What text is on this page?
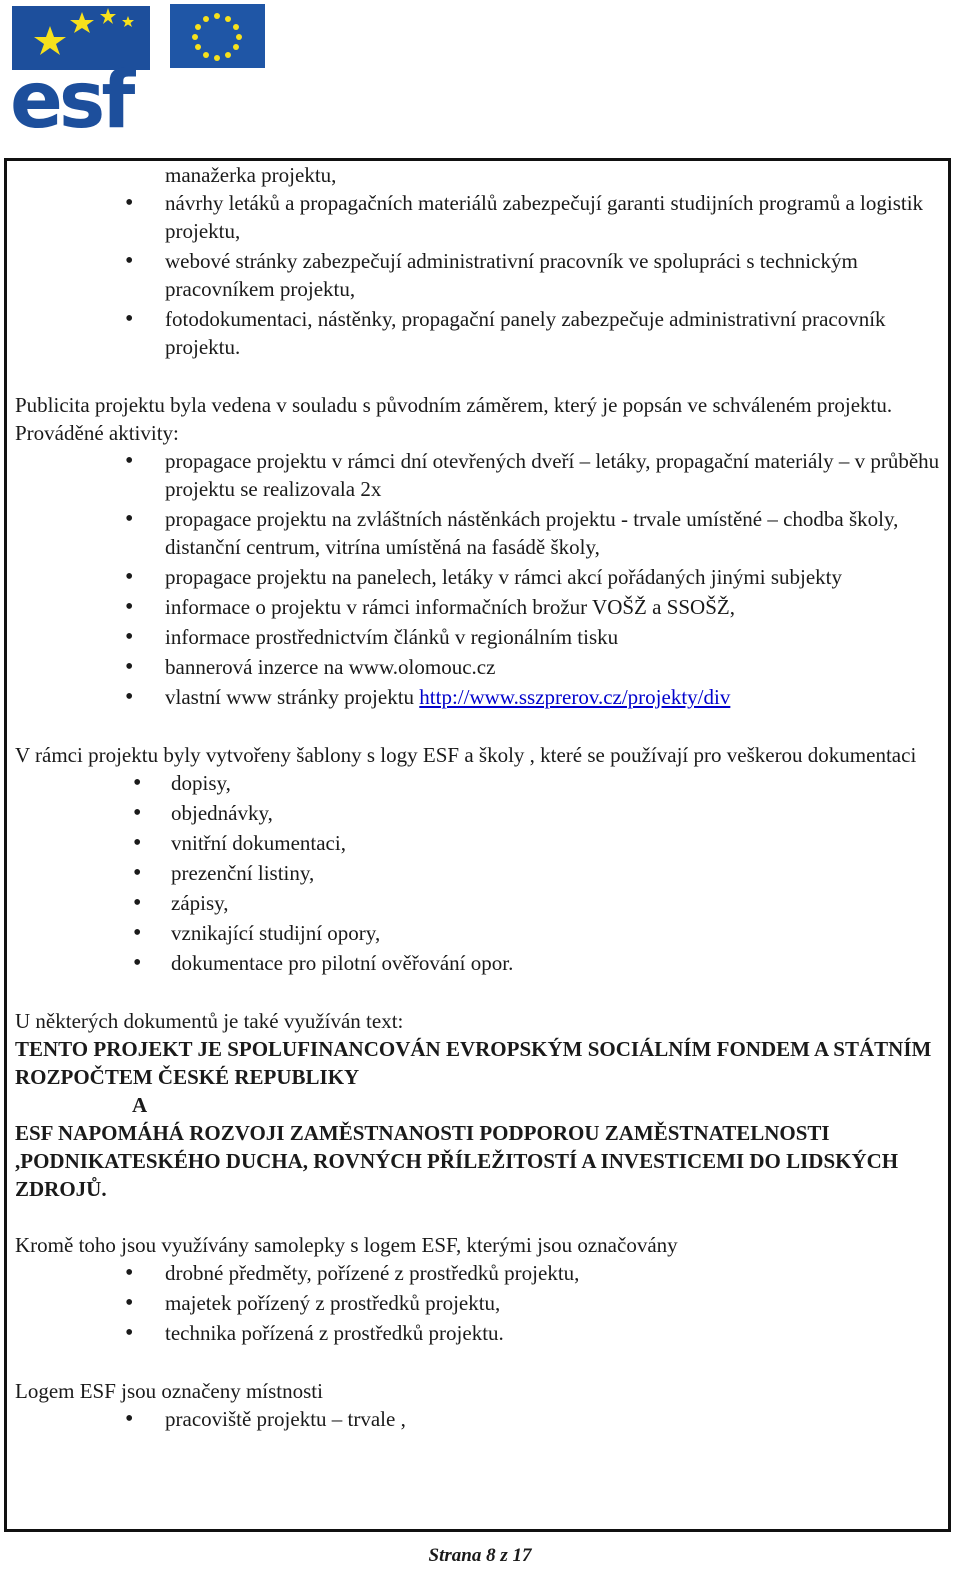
esf

manažerka projektu,

• návrhy letáků a propagačních materiálů zabezpečují garanti studijních programů a logistik projektu,
• webové stránky zabezpečují administrativní pracovník ve spolupráci s technickým pracovníkem projektu,
• fotodokumentaci, nástěnky, propagační panely zabezpečuje administrativní pracovník projektu.

Publicita projektu byla vedena v souladu s původním záměrem, který je popsán ve schváleném projektu.

Prováděné aktivity:

• propagace projektu v rámci dní otevřených dveří – letáky, propagační materiály – v průběhu projektu se realizovala 2x
• propagace projektu na zvláštních nástěnkách projektu - trvale umístěné – chodba školy, distanční centrum, vitrína umístěná na fasádě školy,
• propagace projektu na panelech, letáky v rámci akcí pořádaných jinými subjekty
• informace o projektu v rámci informačních brožur VOŠŽ a SSOŠŽ,
• informace prostřednictvím článků v regionálním tisku
• bannerová inzerce na www.olomouc.cz
• vlastní www stránky projektu http://www.sszprerov.cz/projekty/div

V rámci projektu byly vytvořeny šablony s logy ESF a školy , které se používají pro veškerou dokumentaci

• dopisy,
• objednávky,
• vnitřní dokumentaci,
• prezenční listiny,
• zápisy,
• vznikající studijní opory,
• dokumentace pro pilotní ověřování opor.

U některých dokumentů je také využíván text:

TENTO PROJEKT JE SPOLUFINANCOVÁN EVROPSKÝM SOCIÁLNÍM FONDEM A STÁTNÍM ROZPOČTEM ČESKÉ REPUBLIKY

A

ESF NAPOMÁHÁ ROZVOJI ZAMĚSTNANOSTI PODPOROU ZAMĚSTNATELNOSTI ,PODNIKATESKÉHO DUCHA, ROVNÝCH PŘÍLEŽITOSTÍ A INVESTICEMI DO LIDSKÝCH ZDROJŮ.

Kromě toho jsou využívány samolepky s logem ESF, kterými jsou označovány

• drobné předměty, pořízené z prostředků projektu,
• majetek pořízený z prostředků projektu,
• technika pořízená z prostředků projektu.

Logem ESF jsou označeny místnosti

• pracoviště projektu – trvale ,
Strana 8 z 17
